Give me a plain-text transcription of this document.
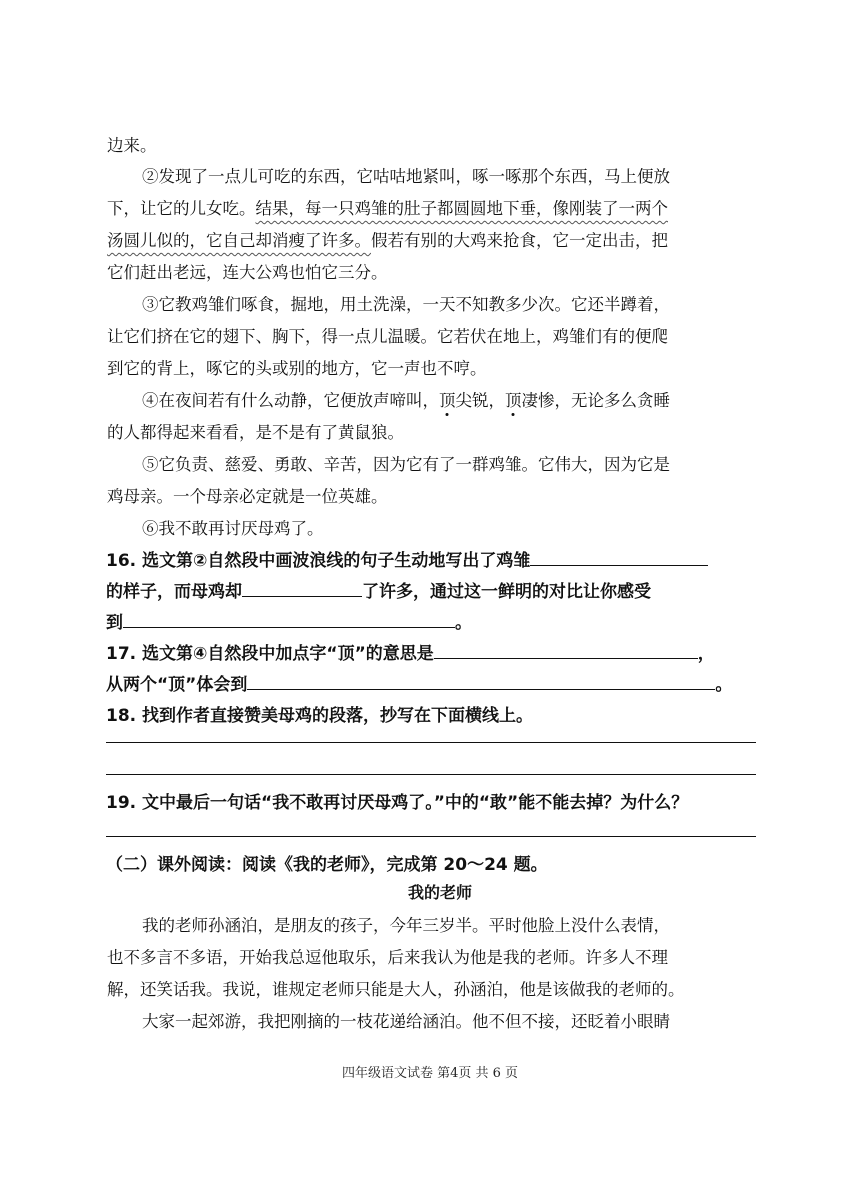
边来。
②发现了一点儿可吃的东西，它咕咕地紧叫，啄一啄那个东西，马上便放
下，让它的儿女吃。结果，每一只鸡雏的肚子都圆圆地下垂，像刚装了一两个
汤圆儿似的，它自己却消瘦了许多。假若有别的大鸡来抢食，它一定出击，把
它们赶出老远，连大公鸡也怕它三分。
③它教鸡雏们啄食，掘地，用土洗澡，一天不知教多少次。它还半蹲着，
让它们挤在它的翅下、胸下，得一点儿温暖。它若伏在地上，鸡雏们有的便爬
到它的背上，啄它的头或别的地方，它一声也不哼。
④在夜间若有什么动静，它便放声啼叫，顶尖锐，顶凄惨，无论多么贪睡
的人都得起来看看，是不是有了黄鼠狼。
⑤它负责、慈爱、勇敢、辛苦，因为它有了一群鸡雏。它伟大，因为它是
鸡母亲。一个母亲必定就是一位英雄。
⑥我不敢再讨厌母鸡了。
16. 选文第②自然段中画波浪线的句子生动地写出了鸡雏
的样子，而母鸡却	了许多，通过这一鲜明的对比让你感受
到	。
17. 选文第④自然段中加点字“顶”的意思是	，
从两个“顶”体会到	。
18. 找到作者直接赞美母鸡的段落，抄写在下面横线上。
19. 文中最后一句话“我不敢再讨厌母鸡了。”中的“敢”能不能去掉？为什么？
（二）课外阅读：阅读《我的老师》，完成第 20～24 题。
我的老师
我的老师孙涵泊，是朋友的孩子，今年三岁半。平时他脸上没什么表情，
也不多言不多语，开始我总逗他取乐，后来我认为他是我的老师。许多人不理
解，还笑话我。我说，谁规定老师只能是大人，孙涵泊，他是该做我的老师的。
大家一起郊游，我把刚摘的一枝花递给涵泊。他不但不接，还眨着小眼睛
四年级语文试卷 第4页 共 6 页
